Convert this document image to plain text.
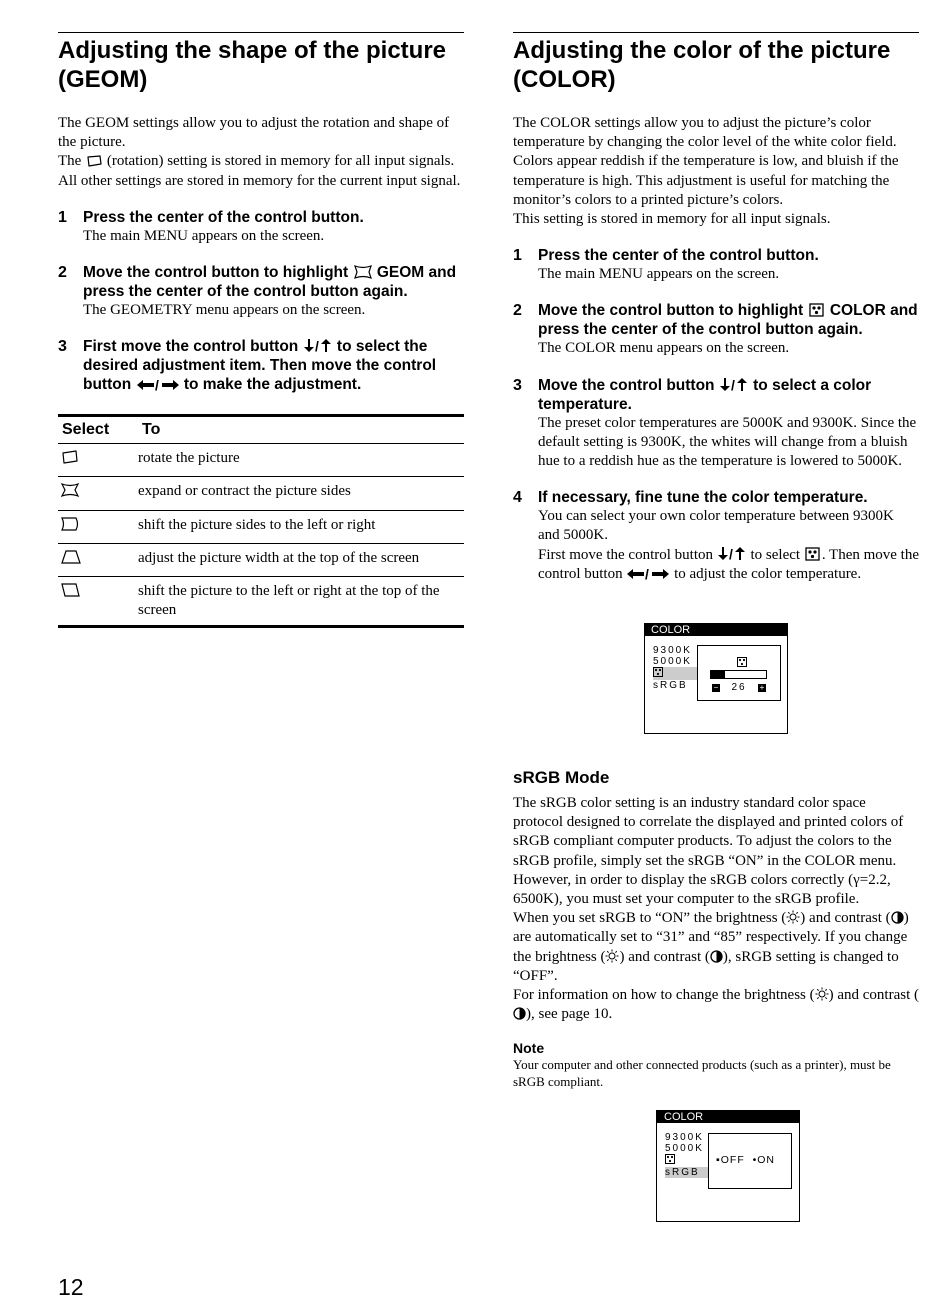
Adjusting the shape of the picture (GEOM)

The GEOM settings allow you to adjust the rotation and shape of the picture.

The (rotation) setting is stored in memory for all input signals. All other settings are stored in memory for the current input signal.

1 Press the center of the control button.
The main MENU appears on the screen.
2 Move the control button to highlight GEOM and press the center of the control button again.
The GEOMETRY menu appears on the screen.
3 First move the control button / to select the desired adjustment item. Then move the control button / to make the adjustment.
Select	To
	rotate the picture
	expand or contract the picture sides
	shift the picture sides to the left or right
	adjust the picture width at the top of the screen
	shift the picture to the left or right at the top of the screen
Adjusting the color of the picture (COLOR)

The COLOR settings allow you to adjust the picture’s color temperature by changing the color level of the white color field. Colors appear reddish if the temperature is low, and bluish if the temperature is high. This adjustment is useful for matching the monitor’s colors to a printed picture’s colors.

This setting is stored in memory for all input signals.

1 Press the center of the control button.
The main MENU appears on the screen.
2 Move the control button to highlight COLOR and press the center of the control button again.
The COLOR menu appears on the screen.
3 Move the control button / to select a color temperature.
The preset color temperatures are 5000K and 9300K. Since the default setting is 9300K, the whites will change from a bluish hue to a reddish hue as the temperature is lowered to 5000K.
4 If necessary, fine tune the color temperature.
You can select your own color temperature between 9300K and 5000K.
First move the control button / to select . Then move the control button / to adjust the color temperature.
COLOR
9300K
5000K
sRGB	− 26 +
sRGB Mode

The sRGB color setting is an industry standard color space protocol designed to correlate the displayed and printed colors of sRGB compliant computer products. To adjust the colors to the sRGB profile, simply set the sRGB “ON” in the COLOR menu. However, in order to display the sRGB colors correctly (γ=2.2, 6500K), you must set your computer to the sRGB profile.

When you set sRGB to “ON” the brightness ( ) and contrast ( ) are automatically set to “31” and “85” respectively. If you change the brightness ( ) and contrast ( ), sRGB setting is changed to “OFF”.

For information on how to change the brightness ( ) and contrast (), see page 10.

Note

Your computer and other connected products (such as a printer), must be sRGB compliant.

COLOR
9300K
5000K
sRGB
▪OFF •ON
12
